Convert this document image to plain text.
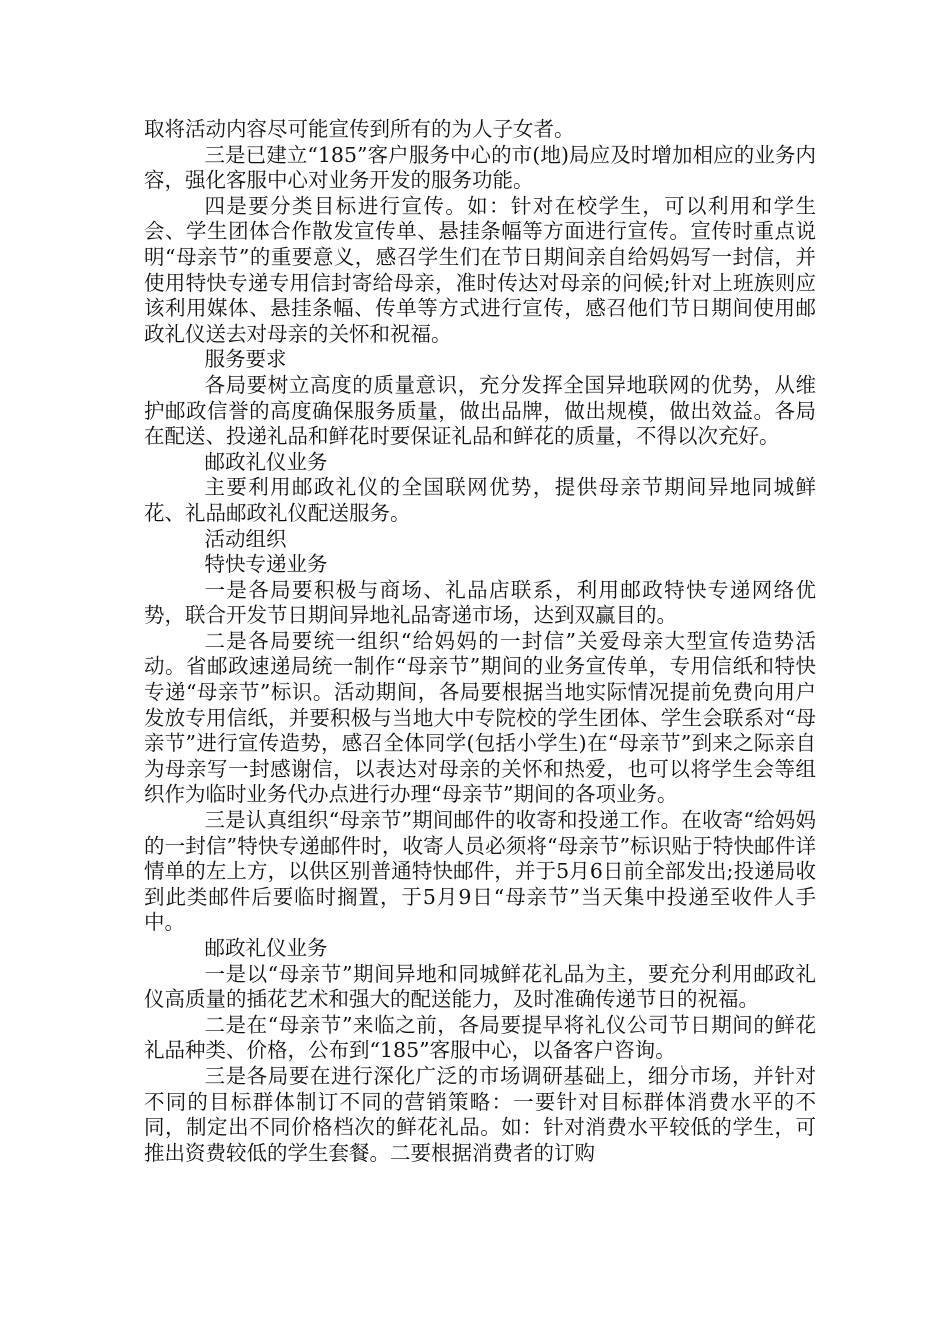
取将活动内容尽可能宣传到所有的为人子女者。

三是已建立“185”客户服务中心的市(地)局应及时增加相应的业务内容，强化客服中心对业务开发的服务功能。

四是要分类目标进行宣传。如：针对在校学生，可以利用和学生会、学生团体合作散发宣传单、悬挂条幅等方面进行宣传。宣传时重点说明“母亲节”的重要意义，感召学生们在节日期间亲自给妈妈写一封信，并使用特快专递专用信封寄给母亲，准时传达对母亲的问候;针对上班族则应该利用媒体、悬挂条幅、传单等方式进行宣传，感召他们节日期间使用邮政礼仪送去对母亲的关怀和祝福。

服务要求

各局要树立高度的质量意识，充分发挥全国异地联网的优势，从维护邮政信誉的高度确保服务质量，做出品牌，做出规模，做出效益。各局在配送、投递礼品和鲜花时要保证礼品和鲜花的质量，不得以次充好。

邮政礼仪业务

主要利用邮政礼仪的全国联网优势，提供母亲节期间异地同城鲜花、礼品邮政礼仪配送服务。

活动组织

特快专递业务

一是各局要积极与商场、礼品店联系，利用邮政特快专递网络优势，联合开发节日期间异地礼品寄递市场，达到双赢目的。

二是各局要统一组织“给妈妈的一封信”关爱母亲大型宣传造势活动。省邮政速递局统一制作“母亲节”期间的业务宣传单，专用信纸和特快专递“母亲节”标识。活动期间，各局要根据当地实际情况提前免费向用户发放专用信纸，并要积极与当地大中专院校的学生团体、学生会联系对“母亲节”进行宣传造势，感召全体同学(包括小学生)在“母亲节”到来之际亲自为母亲写一封感谢信，以表达对母亲的关怀和热爱，也可以将学生会等组织作为临时业务代办点进行办理“母亲节”期间的各项业务。

三是认真组织“母亲节”期间邮件的收寄和投递工作。在收寄“给妈妈的一封信”特快专递邮件时，收寄人员必须将“母亲节”标识贴于特快邮件详情单的左上方，以供区别普通特快邮件，并于5月6日前全部发出;投递局收到此类邮件后要临时搁置，于5月9日“母亲节”当天集中投递至收件人手中。

邮政礼仪业务

一是以“母亲节”期间异地和同城鲜花礼品为主，要充分利用邮政礼仪高质量的插花艺术和强大的配送能力，及时准确传递节日的祝福。

二是在“母亲节”来临之前，各局要提早将礼仪公司节日期间的鲜花礼品种类、价格，公布到“185”客服中心，以备客户咨询。

三是各局要在进行深化广泛的市场调研基础上，细分市场，并针对不同的目标群体制订不同的营销策略：一要针对目标群体消费水平的不同，制定出不同价格档次的鲜花礼品。如：针对消费水平较低的学生，可推出资费较低的学生套餐。二要根据消费者的订购
